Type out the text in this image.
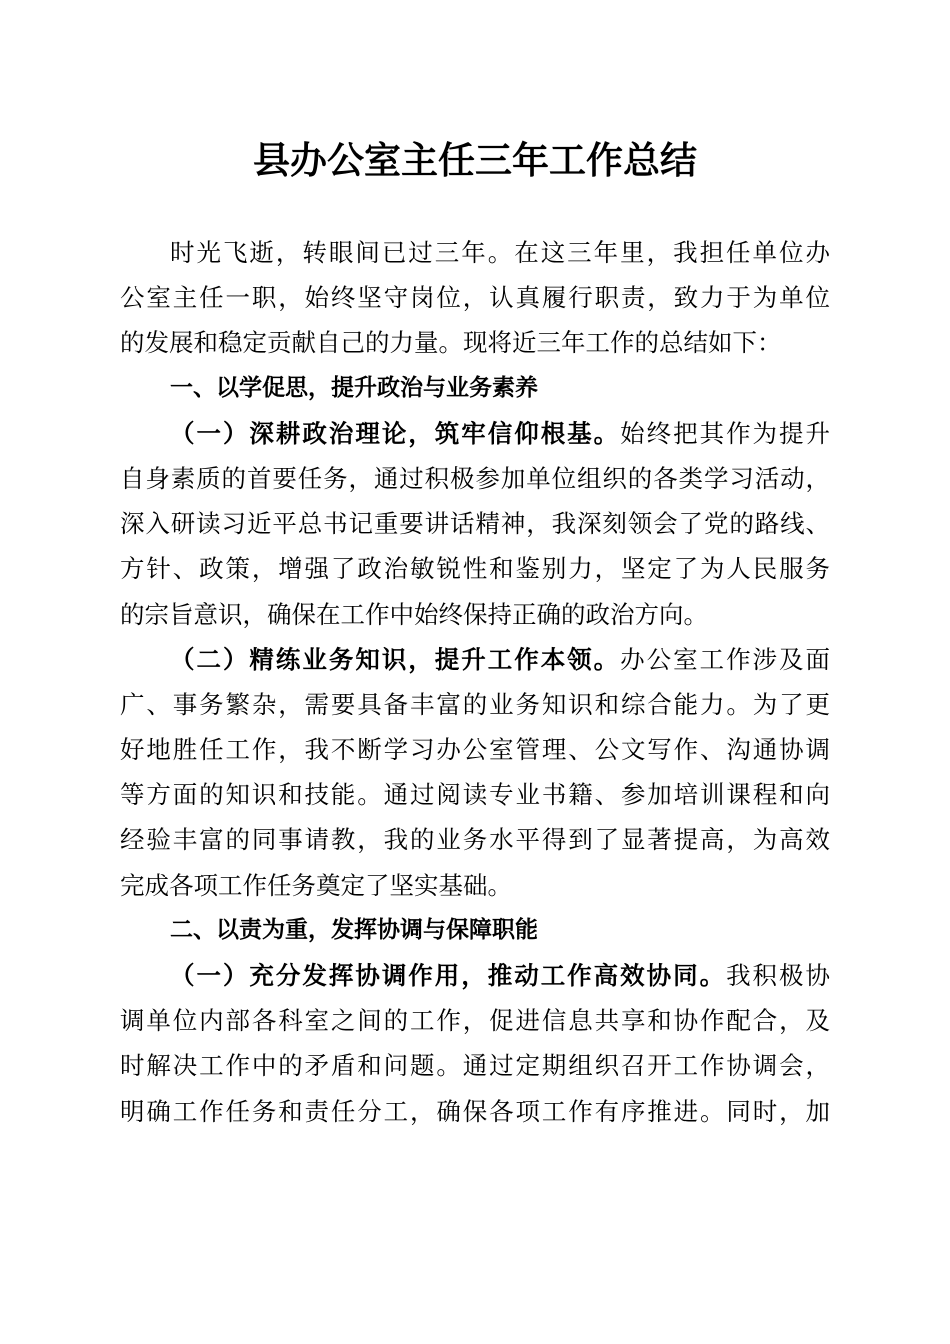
县办公室主任三年工作总结
时光飞逝，转眼间已过三年。在这三年里，我担任单位办
公室主任一职，始终坚守岗位，认真履行职责，致力于为单位
的发展和稳定贡献自己的力量。现将近三年工作的总结如下：
一、以学促思，提升政治与业务素养
（一）深耕政治理论，筑牢信仰根基。始终把其作为提升
自身素质的首要任务，通过积极参加单位组织的各类学习活动，
深入研读习近平总书记重要讲话精神，我深刻领会了党的路线、
方针、政策，增强了政治敏锐性和鉴别力，坚定了为人民服务
的宗旨意识，确保在工作中始终保持正确的政治方向。
（二）精练业务知识，提升工作本领。办公室工作涉及面
广、事务繁杂，需要具备丰富的业务知识和综合能力。为了更
好地胜任工作，我不断学习办公室管理、公文写作、沟通协调
等方面的知识和技能。通过阅读专业书籍、参加培训课程和向
经验丰富的同事请教，我的业务水平得到了显著提高，为高效
完成各项工作任务奠定了坚实基础。
二、以责为重，发挥协调与保障职能
（一）充分发挥协调作用，推动工作高效协同。我积极协
调单位内部各科室之间的工作，促进信息共享和协作配合，及
时解决工作中的矛盾和问题。通过定期组织召开工作协调会，
明确工作任务和责任分工，确保各项工作有序推进。同时，加
